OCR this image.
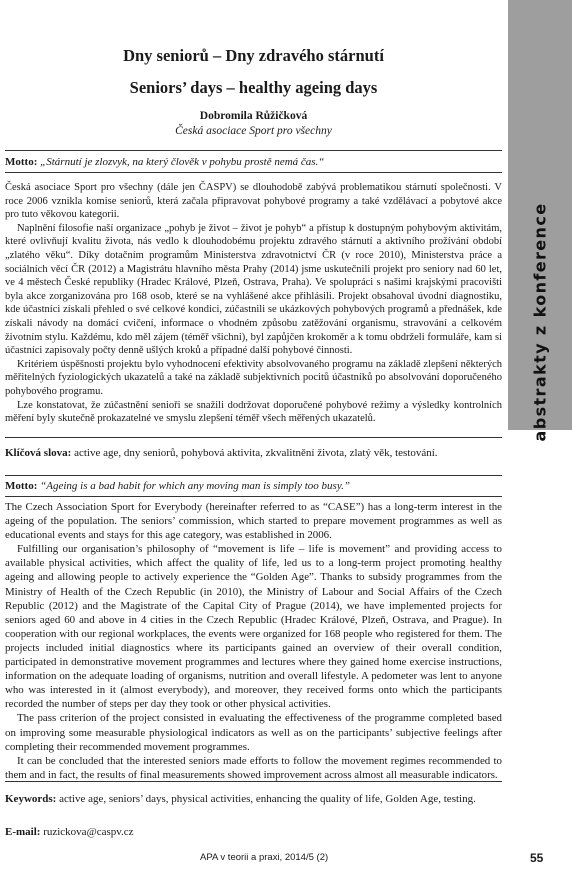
abstrakty z konference
Dny seniorů – Dny zdravého stárnutí
Seniors’ days – healthy ageing days
Dobromila Růžičková
Česká asociace Sport pro všechny
Motto: „Stárnutí je zlozvyk, na který člověk v pohybu prostě nemá čas.“

Česká asociace Sport pro všechny (dále jen ČASPV) se dlouhodobě zabývá problematikou stárnutí společnosti. V roce 2006 vznikla komise seniorů, která začala připravovat pohybové programy a také vzdělávací a pobytové akce pro tuto věkovou kategorii.

Naplnění filosofie naší organizace „pohyb je život – život je pohyb“ a přístup k dostupným pohybovým aktivitám, které ovlivňují kvalitu života, nás vedlo k dlouhodobému projektu zdravého stárnutí a aktivního prožívání období „zlatého věku“. Díky dotačním programům Ministerstva zdravotnictví ČR (v roce 2010), Ministerstva práce a sociálních věcí ČR (2012) a Magistrátu hlavního města Prahy (2014) jsme uskutečnili projekt pro seniory nad 60 let, ve 4 městech České republiky (Hradec Králové, Plzeň, Ostrava, Praha). Ve spolupráci s našimi krajskými pracovišti byla akce zorganizována pro 168 osob, které se na vyhlášené akce přihlásili. Projekt obsahoval úvodní diagnostiku, kde účastníci získali přehled o své celkové kondici, zúčastnili se ukázkových pohybových programů a přednášek, kde získali návody na domácí cvičení, informace o vhodném způsobu zatěžování organismu, stravování a celkovém životním stylu. Každému, kdo měl zájem (téměř všichni), byl zapůjčen krokoměr a k tomu obdrželi formuláře, kam si účastníci zapisovaly počty denně ušlých kroků a případné další pohybové činnosti.

Kritériem úspěšnosti projektu bylo vyhodnocení efektivity absolvovaného programu na základě zlepšení některých měřitelných fyziologických ukazatelů a také na základě subjektivních pocitů účastníků po absolvování doporučeného pohybového programu.

Lze konstatovat, že zúčastnění senioři se snažili dodržovat doporučené pohybové režimy a výsledky kontrolních měření byly skutečně prokazatelné ve smyslu zlepšení téměř všech měřených ukazatelů.

Klíčová slova: active age, dny seniorů, pohybová aktivita, zkvalitnění života, zlatý věk, testování.
Motto: “Ageing is a bad habit for which any moving man is simply too busy.”

The Czech Association Sport for Everybody (hereinafter referred to as “CASE”) has a long-term interest in the ageing of the population. The seniors’ commission, which started to prepare movement programmes as well as educational events and stays for this age category, was established in 2006.

Fulfilling our organisation’s philosophy of “movement is life – life is movement” and providing access to available physical activities, which affect the quality of life, led us to a long-term project promoting healthy ageing and allowing people to actively experience the “Golden Age”. Thanks to subsidy programmes from the Ministry of Health of the Czech Republic (in 2010), the Ministry of Labour and Social Affairs of the Czech Republic (2012) and the Magistrate of the Capital City of Prague (2014), we have implemented projects for seniors aged 60 and above in 4 cities in the Czech Republic (Hradec Králové, Plzeň, Ostrava, and Prague). In cooperation with our regional workplaces, the events were organized for 168 people who registered for them. The projects included initial diagnostics where its participants gained an overview of their overall condition, participated in demonstrative movement programmes and lectures where they gained home exercise instructions, information on the adequate loading of organisms, nutrition and overall lifestyle. A pedometer was lent to anyone who was interested in it (almost everybody), and moreover, they received forms onto which the participants recorded the number of steps per day they took or other physical activities.

The pass criterion of the project consisted in evaluating the effectiveness of the programme completed based on improving some measurable physiological indicators as well as on the participants’ subjective feelings after completing their recommended movement programmes.

It can be concluded that the interested seniors made efforts to follow the movement regimes recommended to them and in fact, the results of final measurements showed improvement across almost all measurable indicators.

Keywords: active age, seniors’ days, physical activities, enhancing the quality of life, Golden Age, testing.
E-mail: ruzickova@caspv.cz
APA v teorii a praxi, 2014/5 (2)	55
